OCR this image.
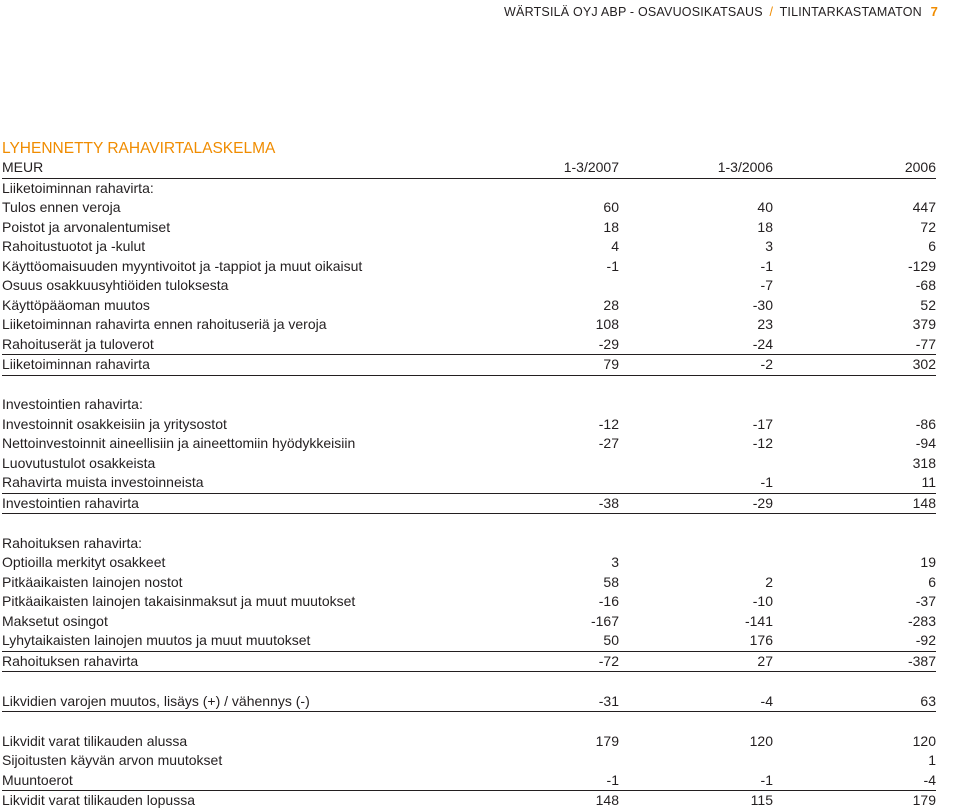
WÄRTSILÄ OYJ ABP - OSAVUOSIKATSAUS / TILINTARKASTAMATON 7
LYHENNETTY RAHAVIRTALASKELMA
MEUR	1-3/2007	1-3/2006	2006
Liiketoiminnan rahavirta:			
Tulos ennen veroja	60	40	447
Poistot ja arvonalentumiset	18	18	72
Rahoitustuotot ja -kulut	4	3	6
Käyttöomaisuuden myyntivoitot ja -tappiot ja muut oikaisut	-1	-1	-129
Osuus osakkuusyhtiöiden tuloksesta		-7	-68
Käyttöpääoman muutos	28	-30	52
Liiketoiminnan rahavirta ennen rahoituseriä ja veroja	108	23	379
Rahoituserät ja tuloverot	-29	-24	-77
Liiketoiminnan rahavirta	79	-2	302

Investointien rahavirta:			
Investoinnit osakkeisiin ja yritysostot	-12	-17	-86
Nettoinvestoinnit aineellisiin ja aineettomiin hyödykkeisiin	-27	-12	-94
Luovutustulot osakkeista			318
Rahavirta muista investoinneista		-1	11
Investointien rahavirta	-38	-29	148

Rahoituksen rahavirta:			
Optioilla merkityt osakkeet	3		19
Pitkäaikaisten lainojen nostot	58	2	6
Pitkäaikaisten lainojen takaisinmaksut ja muut muutokset	-16	-10	-37
Maksetut osingot	-167	-141	-283
Lyhytaikaisten lainojen muutos ja muut muutokset	50	176	-92
Rahoituksen rahavirta	-72	27	-387

Likvidien varojen muutos, lisäys (+) / vähennys (-)	-31	-4	63

Likvidit varat tilikauden alussa	179	120	120
Sijoitusten käyvän arvon muutokset			1
Muuntoerot	-1	-1	-4
Likvidit varat tilikauden lopussa	148	115	179
